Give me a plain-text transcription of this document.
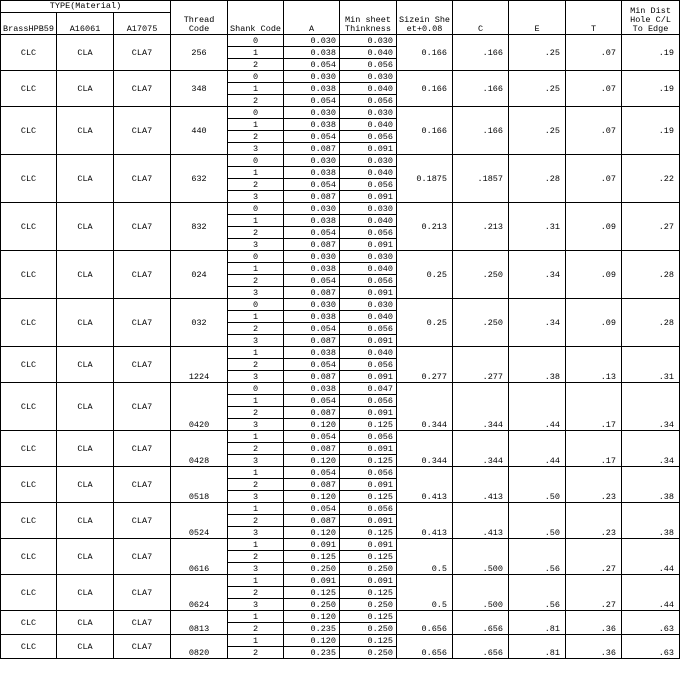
TYPE(Material)			Thread Code	Shank Code	A	Min sheet Thinkness	Sizein Sheet+0.08	C	E	T	Min Dist Hole C/L To Edge
BrassHPB59	A16061	A17075									
CLC	CLA	CLA7	256	0	0.030	0.030	0.166	.166	.25	.07	.19
				1	0.038	0.040					
				2	0.054	0.056					
CLC	CLA	CLA7	348	0	0.030	0.030	0.166	.166	.25	.07	.19
				1	0.038	0.040					
				2	0.054	0.056					
CLC	CLA	CLA7	440	0	0.030	0.030	0.166	.166	.25	.07	.19
				1	0.038	0.040					
				2	0.054	0.056					
				3	0.087	0.091					
CLC	CLA	CLA7	632	0	0.030	0.030	0.1875	.1857	.28	.07	.22
				1	0.038	0.040					
				2	0.054	0.056					
				3	0.087	0.091					
CLC	CLA	CLA7	832	0	0.030	0.030	0.213	.213	.31	.09	.27
				1	0.038	0.040					
				2	0.054	0.056					
				3	0.087	0.091					
CLC	CLA	CLA7	024	0	0.030	0.030	0.25	.250	.34	.09	.28
				1	0.038	0.040					
				2	0.054	0.056					
				3	0.087	0.091					
CLC	CLA	CLA7	032	0	0.030	0.030	0.25	.250	.34	.09	.28
				1	0.038	0.040					
				2	0.054	0.056					
				3	0.087	0.091					
CLC	CLA	CLA7	1224	1	0.038	0.040	0.277	.277	.38	.13	.31
				2	0.054	0.056					
				3	0.087	0.091					
CLC	CLA	CLA7	0420	0	0.038	0.047	0.344	.344	.44	.17	.34
				1	0.054	0.056					
				2	0.087	0.091					
				3	0.120	0.125					
CLC	CLA	CLA7	0428	1	0.054	0.056	0.344	.344	.44	.17	.34
				2	0.087	0.091					
				3	0.120	0.125					
CLC	CLA	CLA7	0518	1	0.054	0.056	0.413	.413	.50	.23	.38
				2	0.087	0.091					
				3	0.120	0.125					
CLC	CLA	CLA7	0524	1	0.054	0.056	0.413	.413	.50	.23	.38
				2	0.087	0.091					
				3	0.120	0.125					
CLC	CLA	CLA7	0616	1	0.091	0.091	0.5	.500	.56	.27	.44
				2	0.125	0.125					
				3	0.250	0.250					
CLC	CLA	CLA7	0624	1	0.091	0.091	0.5	.500	.56	.27	.44
				2	0.125	0.125					
				3	0.250	0.250					
CLC	CLA	CLA7	0813	1	0.120	0.125	0.656	.656	.81	.36	.63
				2	0.235	0.250					
CLC	CLA	CLA7	0820	1	0.120	0.125	0.656	.656	.81	.36	.63
				2	0.235	0.250					
